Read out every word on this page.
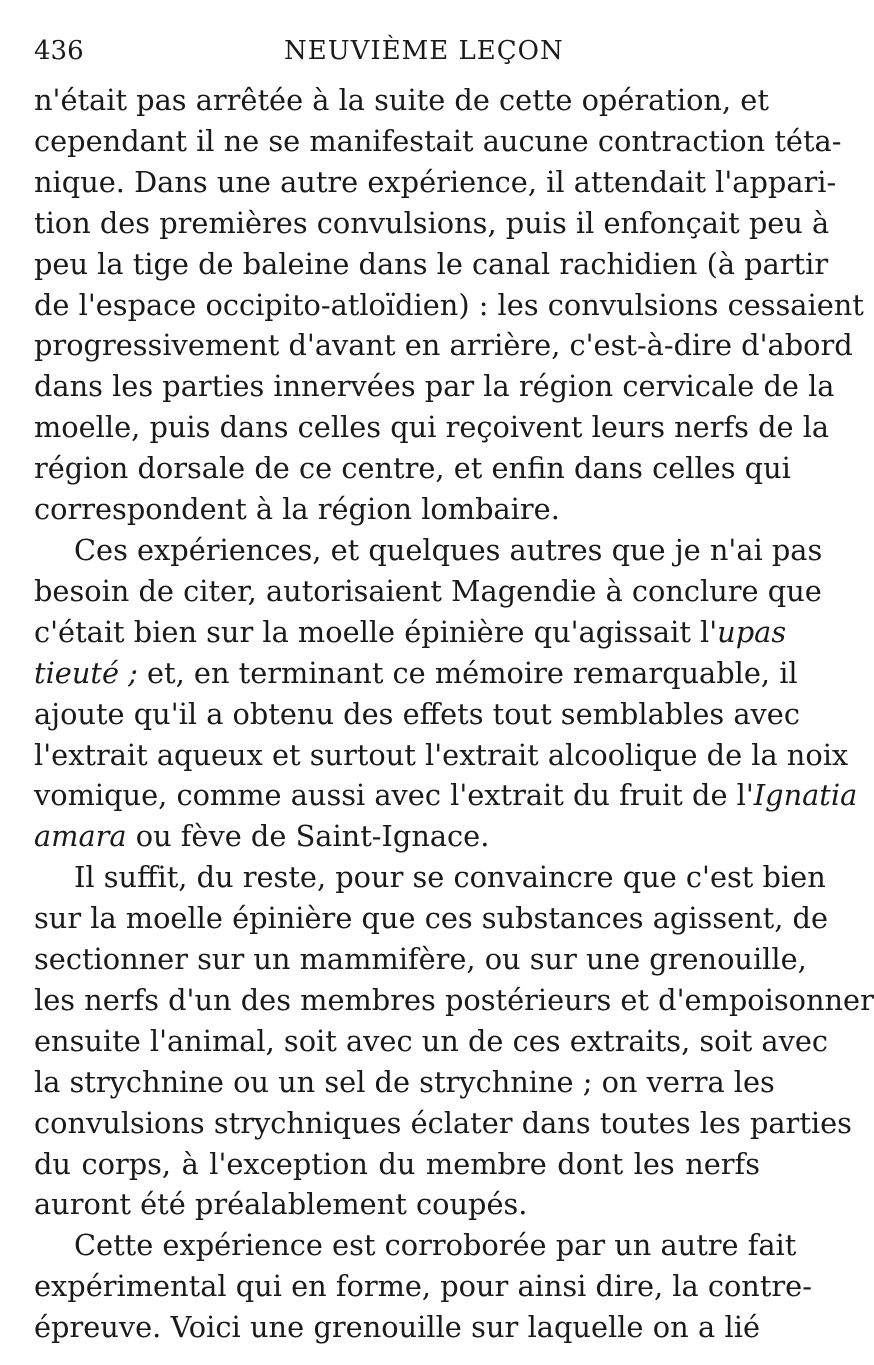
436	NEUVIÈME LEÇON
n'était pas arrêtée à la suite de cette opération, et
cependant il ne se manifestait aucune contraction téta-
nique. Dans une autre expérience, il attendait l'appari-
tion des premières convulsions, puis il enfonçait peu à
peu la tige de baleine dans le canal rachidien (à partir
de l'espace occipito-atloïdien) : les convulsions cessaient
progressivement d'avant en arrière, c'est-à-dire d'abord
dans les parties innervées par la région cervicale de la
moelle, puis dans celles qui reçoivent leurs nerfs de la
région dorsale de ce centre, et enfin dans celles qui
correspondent à la région lombaire.
Ces expériences, et quelques autres que je n'ai pas
besoin de citer, autorisaient Magendie à conclure que
c'était bien sur la moelle épinière qu'agissait l'upas
tieuté ; et, en terminant ce mémoire remarquable, il
ajoute qu'il a obtenu des effets tout semblables avec
l'extrait aqueux et surtout l'extrait alcoolique de la noix
vomique, comme aussi avec l'extrait du fruit de l'Ignatia
amara ou fève de Saint-Ignace.
Il suffit, du reste, pour se convaincre que c'est bien
sur la moelle épinière que ces substances agissent, de
sectionner sur un mammifère, ou sur une grenouille,
les nerfs d'un des membres postérieurs et d'empoisonner
ensuite l'animal, soit avec un de ces extraits, soit avec
la strychnine ou un sel de strychnine ; on verra les
convulsions strychniques éclater dans toutes les parties
du corps, à l'exception du membre dont les nerfs
auront été préalablement coupés.
Cette expérience est corroborée par un autre fait
expérimental qui en forme, pour ainsi dire, la contre-
épreuve. Voici une grenouille sur laquelle on a lié
